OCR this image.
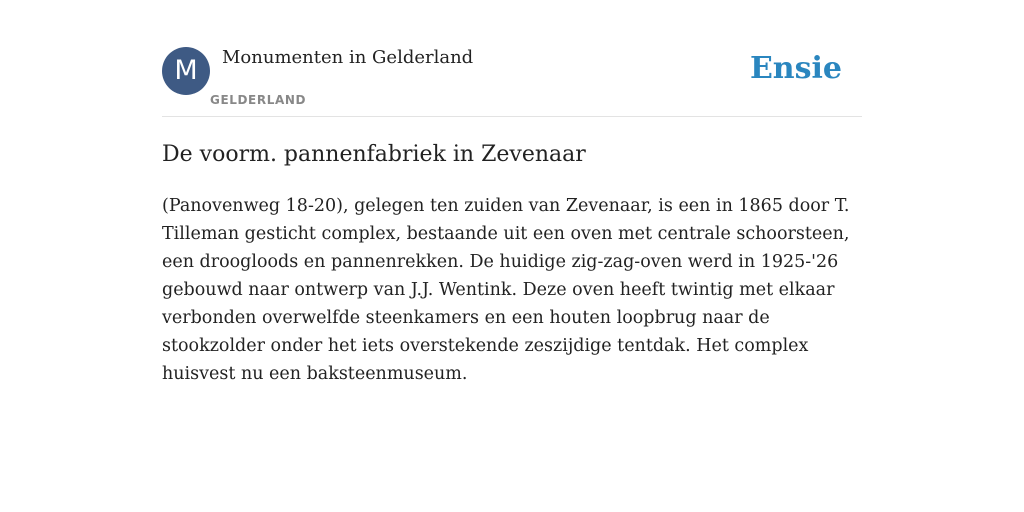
M	Monumenten in Gelderland
GELDERLAND
Ensie
De voorm. pannenfabriek in Zevenaar

(Panovenweg 18-20), gelegen ten zuiden van Zevenaar, is een in 1865 door T. Tilleman gesticht complex, bestaande uit een oven met centrale schoorsteen, een droogloods en pannenrekken. De huidige zig-zag-oven werd in 1925-'26 gebouwd naar ontwerp van J.J. Wentink. Deze oven heeft twintig met elkaar verbonden overwelfde steenkamers en een houten loopbrug naar de stookzolder onder het iets overstekende zeszijdige tentdak. Het complex huisvest nu een baksteenmuseum.
